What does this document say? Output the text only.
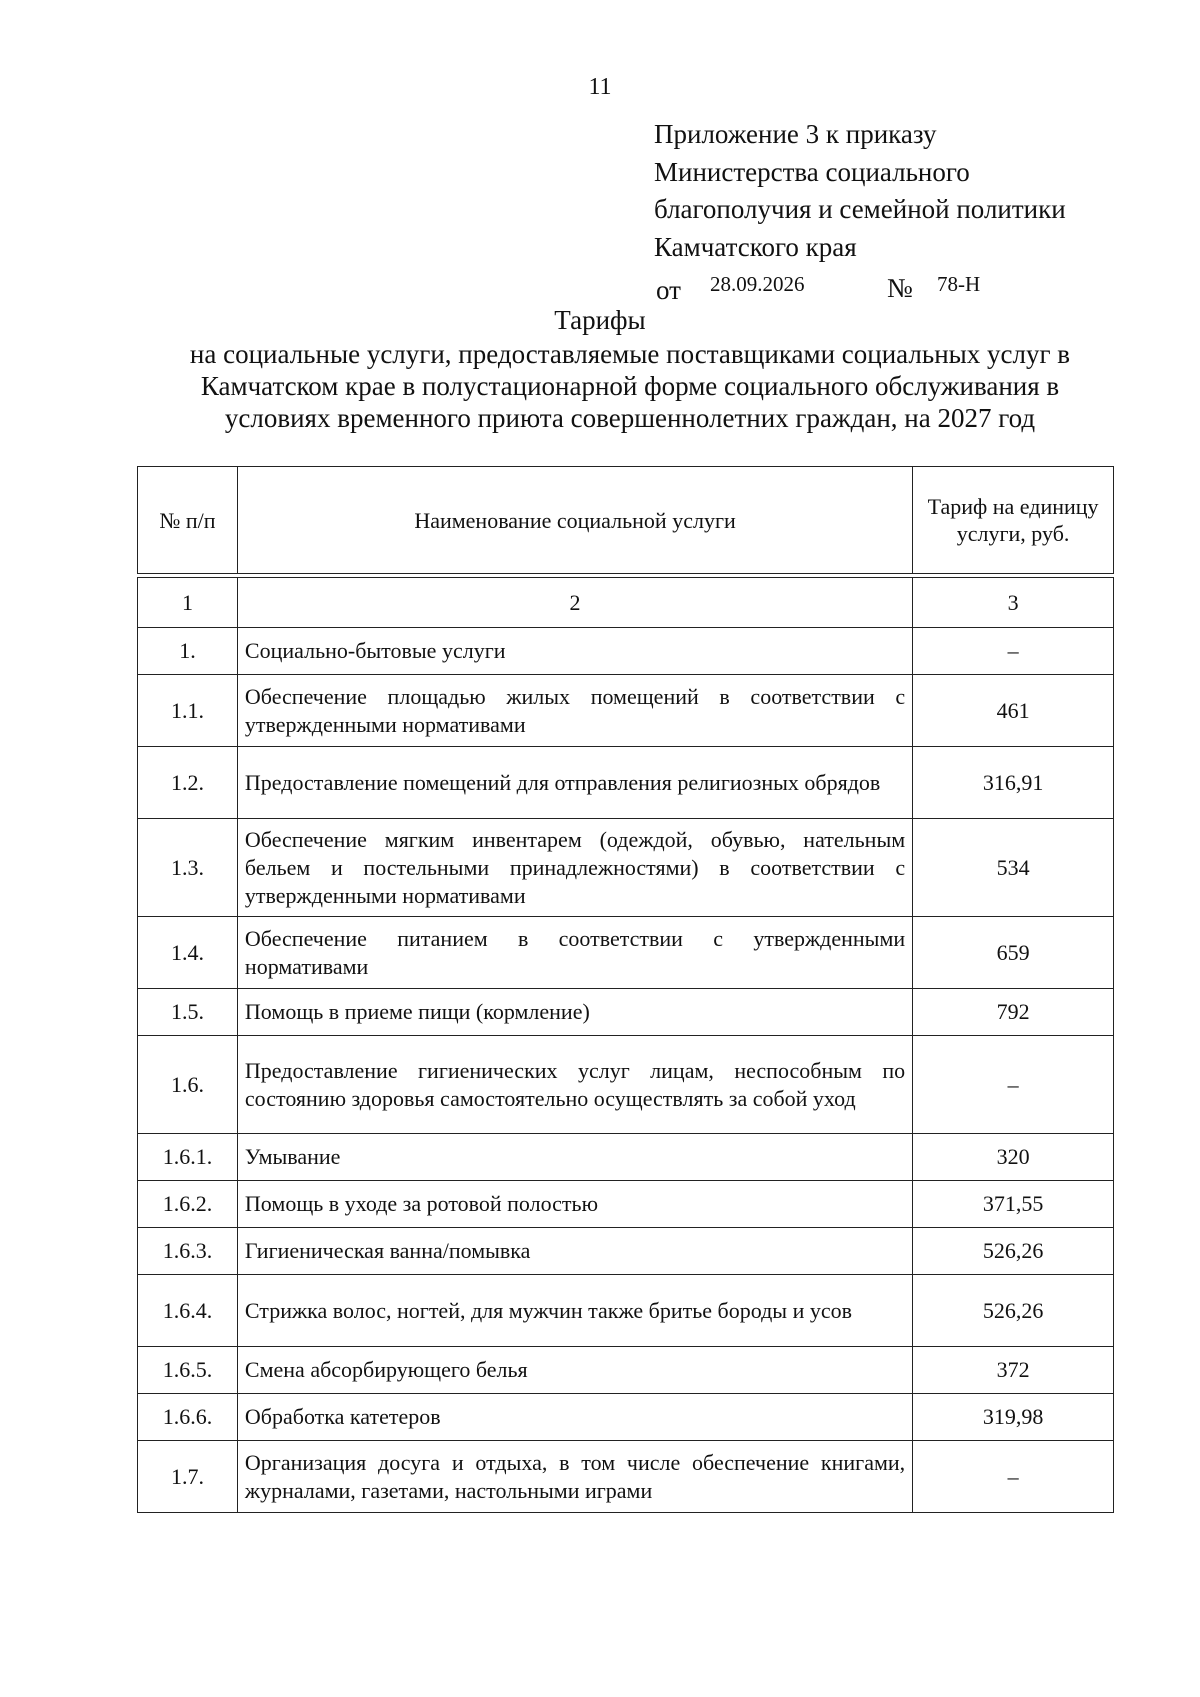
11
Приложение 3 к приказу
Министерства социального
благополучия и семейной политики
Камчатского края
от 28.09.2026	№ 78-Н
Тарифы
на социальные услуги, предоставляемые поставщиками социальных услуг в Камчатском крае в полустационарной форме социального обслуживания в условиях временного приюта совершеннолетних граждан, на 2027 год
№ п/п	Наименование социальной услуги	Тариф на единицу услуги, руб.

1	2	3
1.	Социально-бытовые услуги	–
1.1.	Обеспечение площадью жилых помещений в соответствии с утвержденными нормативами	461
1.2.	Предоставление помещений для отправления религиозных обрядов	316,91
1.3.	Обеспечение мягким инвентарем (одеждой, обувью, нательным бельем и постельными принадлежностями) в соответствии с утвержденными нормативами	534
1.4.	Обеспечение питанием в соответствии с утвержденными нормативами	659
1.5.	Помощь в приеме пищи (кормление)	792
1.6.	Предоставление гигиенических услуг лицам, неспособным по состоянию здоровья самостоятельно осуществлять за собой уход	–
1.6.1.	Умывание	320
1.6.2.	Помощь в уходе за ротовой полостью	371,55
1.6.3.	Гигиеническая ванна/помывка	526,26
1.6.4.	Стрижка волос, ногтей, для мужчин также бритье бороды и усов	526,26
1.6.5.	Смена абсорбирующего белья	372
1.6.6.	Обработка катетеров	319,98
1.7.	Организация досуга и отдыха, в том числе обеспечение книгами, журналами, газетами, настольными играми	–
